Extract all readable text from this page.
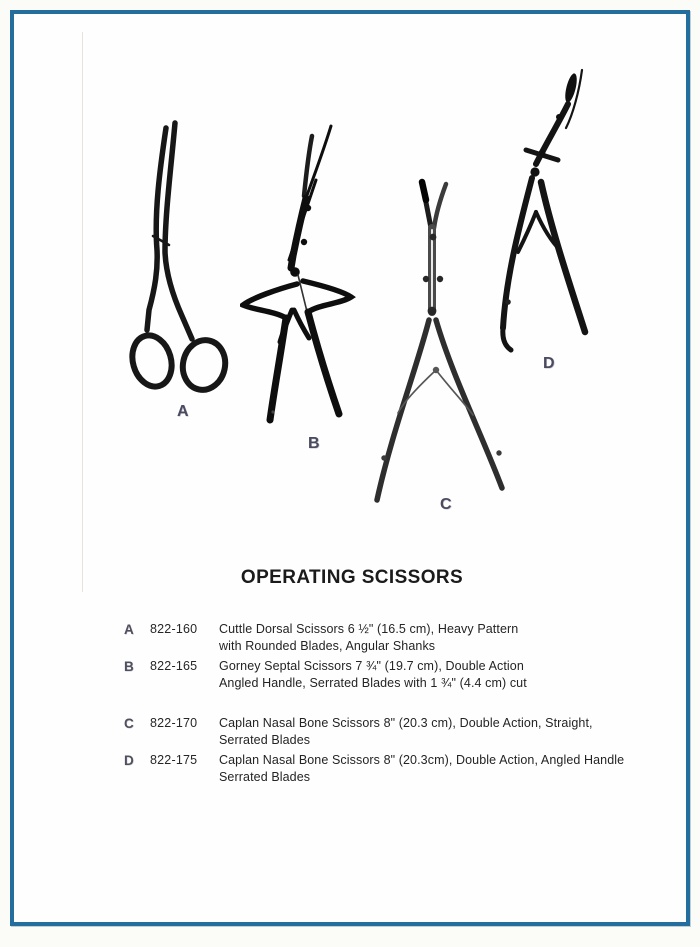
A
B
C
D
OPERATING SCISSORS
A	822-160	Cuttle Dorsal Scissors 6 ½" (16.5 cm), Heavy Pattern
with Rounded Blades, Angular Shanks
B	822-165	Gorney Septal Scissors 7 ¾" (19.7 cm), Double Action
Angled Handle, Serrated Blades with 1 ¾" (4.4 cm) cut
C	822-170	Caplan Nasal Bone Scissors 8" (20.3 cm), Double Action, Straight,
Serrated Blades
D	822-175	Caplan Nasal Bone Scissors 8" (20.3cm), Double Action, Angled Handle
Serrated Blades
